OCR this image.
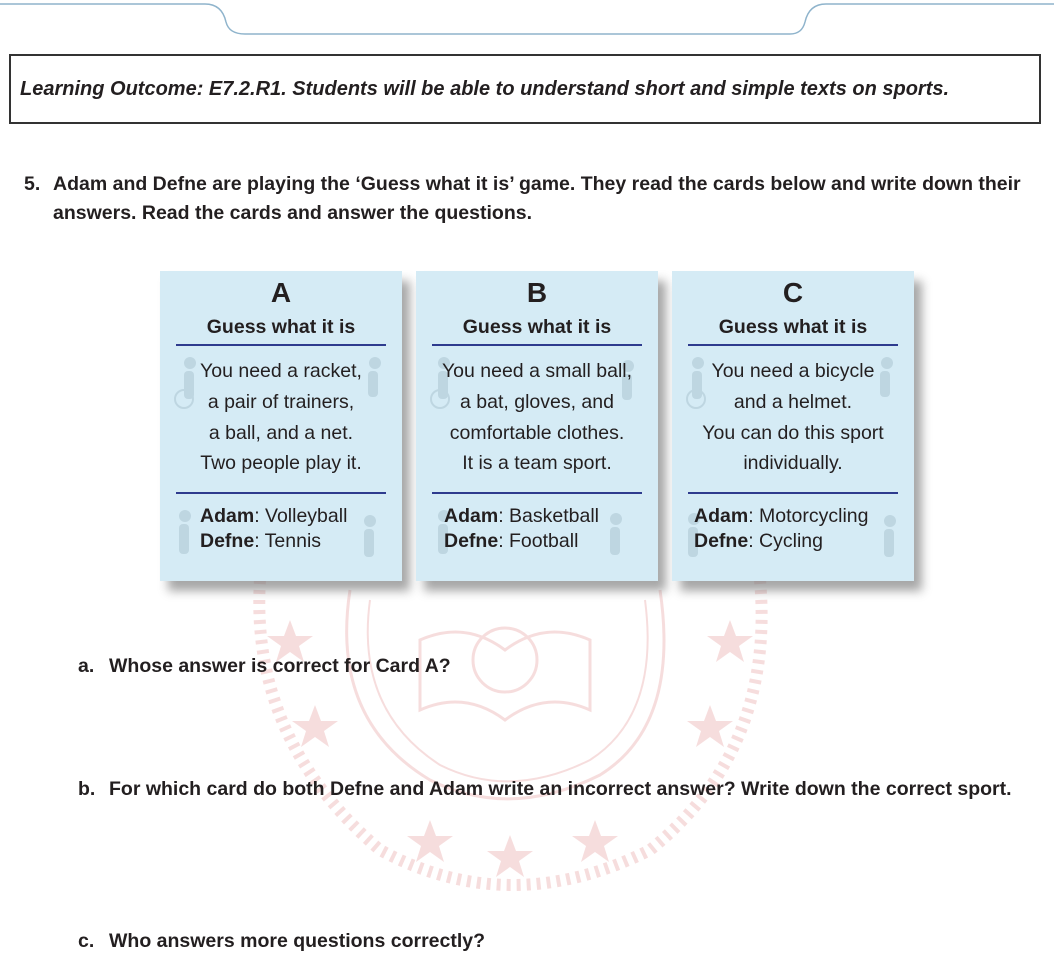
Learning Outcome: E7.2.R1. Students will be able to understand short and simple texts on sports.
5. Adam and Defne are playing the ‘Guess what it is’ game. They read the cards below and write down their answers. Read the cards and answer the questions.
A
Guess what it is
You need a racket,
a pair of trainers,
a ball, and a net.
Two people play it.
Adam: Volleyball
Defne: Tennis
B
Guess what it is
You need a small ball,
a bat, gloves, and
comfortable clothes.
It is a team sport.
Adam: Basketball
Defne: Football
C
Guess what it is
You need a bicycle
and a helmet.
You can do this sport
individually.
Adam: Motorcycling
Defne: Cycling
a. Whose answer is correct for Card A?
b. For which card do both Defne and Adam write an incorrect answer? Write down the correct sport.
c. Who answers more questions correctly?
